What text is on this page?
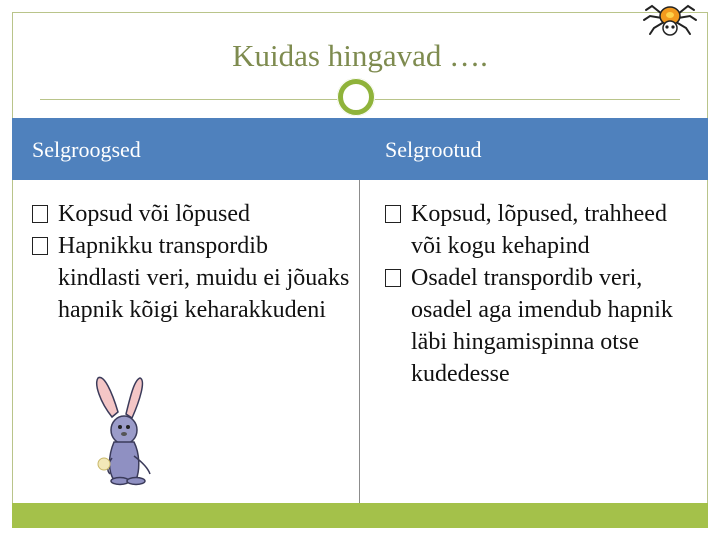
Kuidas hingavad ….
Selgroogsed	Selgrootud
Kopsud või lõpused
Hapnikku transpordib kindlasti veri, muidu ei jõuaks hapnik kõigi keharakkudeni
Kopsud, lõpused, trahheed või kogu kehapind
Osadel transpordib veri, osadel aga imendub hapnik läbi hingamispinna otse kudedesse
